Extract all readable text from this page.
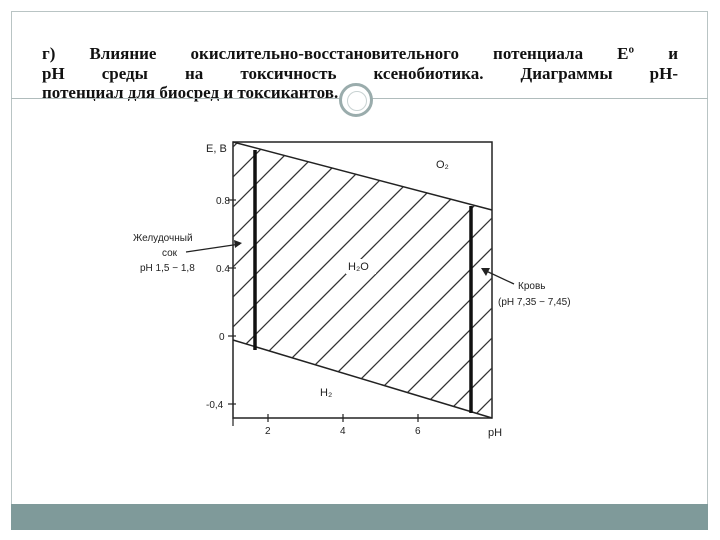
г) Влияние окислительно-восстановительного потенциала Eº и
рН среды на токсичность ксенобиотика. Диаграммы рН-
потенциал для биосред и токсикантов.
E, B
pH
0.8
0.4
0
-0,4
2	4	6
O₂
H₂O
H₂
Желудочный
сок
pH 1,5 − 1,8
Кровь
(pH 7,35 − 7,45)
